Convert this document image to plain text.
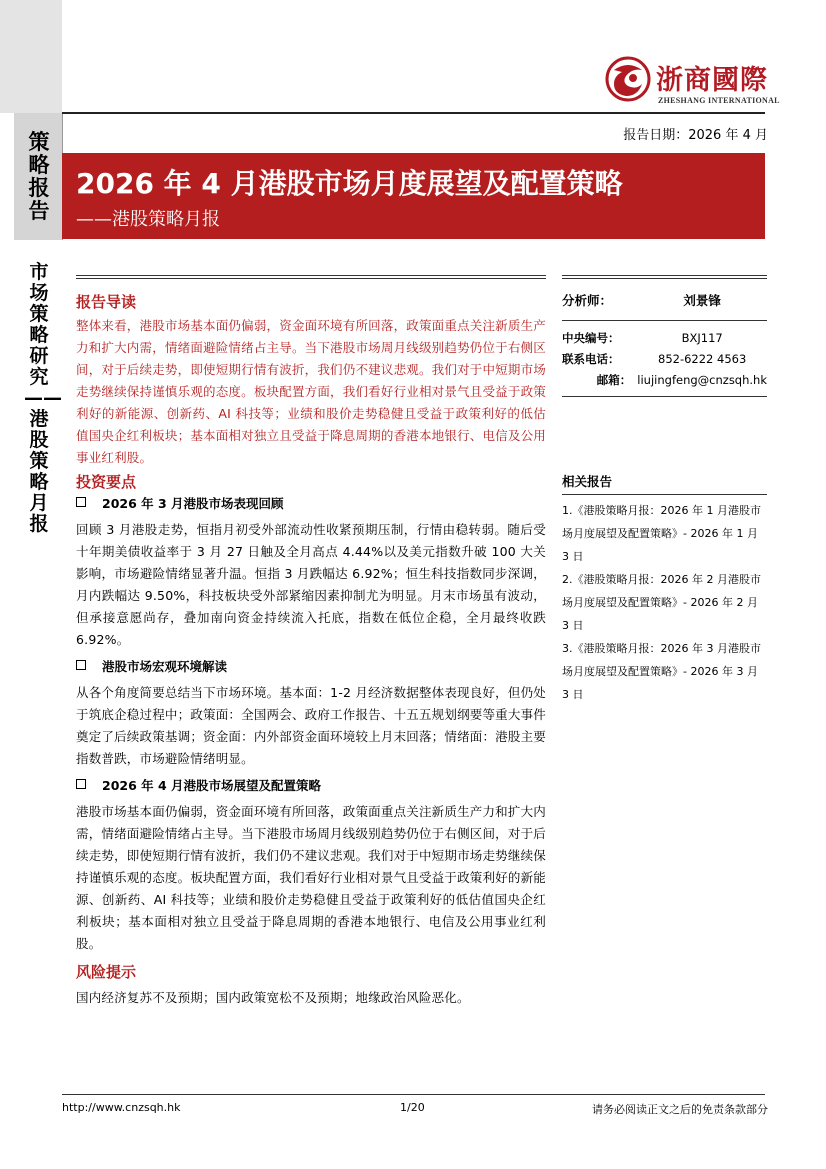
策略报告
市场策略研究——港股策略月报
浙商國際
ZHESHANG INTERNATIONAL
报告日期：2026 年 4 月
2026 年 4 月港股市场月度展望及配置策略
——港股策略月报
报告导读
整体来看，港股市场基本面仍偏弱，资金面环境有所回落，政策面重点关注新质生产力和扩大内需，情绪面避险情绪占主导。当下港股市场周月线级别趋势仍位于右侧区间，对于后续走势，即使短期行情有波折，我们仍不建议悲观。我们对于中短期市场走势继续保持谨慎乐观的态度。板块配置方面，我们看好行业相对景气且受益于政策利好的新能源、创新药、AI 科技等；业绩和股价走势稳健且受益于政策利好的低估值国央企红利板块；基本面相对独立且受益于降息周期的香港本地银行、电信及公用事业红利股。
投资要点
2026 年 3 月港股市场表现回顾
回顾 3 月港股走势，恒指月初受外部流动性收紧预期压制，行情由稳转弱。随后受十年期美债收益率于 3 月 27 日触及全月高点 4.44%以及美元指数升破 100 大关影响，市场避险情绪显著升温。恒指 3 月跌幅达 6.92%；恒生科技指数同步深调，月内跌幅达 9.50%，科技板块受外部紧缩因素抑制尤为明显。月末市场虽有波动，但承接意愿尚存，叠加南向资金持续流入托底，指数在低位企稳，全月最终收跌 6.92%。
港股市场宏观环境解读
从各个角度简要总结当下市场环境。基本面：1-2 月经济数据整体表现良好，但仍处于筑底企稳过程中；政策面：全国两会、政府工作报告、十五五规划纲要等重大事件奠定了后续政策基调；资金面：内外部资金面环境较上月末回落；情绪面：港股主要指数普跌，市场避险情绪明显。
2026 年 4 月港股市场展望及配置策略
港股市场基本面仍偏弱，资金面环境有所回落，政策面重点关注新质生产力和扩大内需，情绪面避险情绪占主导。当下港股市场周月线级别趋势仍位于右侧区间，对于后续走势，即使短期行情有波折，我们仍不建议悲观。我们对于中短期市场走势继续保持谨慎乐观的态度。板块配置方面，我们看好行业相对景气且受益于政策利好的新能源、创新药、AI 科技等；业绩和股价走势稳健且受益于政策利好的低估值国央企红利板块；基本面相对独立且受益于降息周期的香港本地银行、电信及公用事业红利股。
风险提示
国内经济复苏不及预期；国内政策宽松不及预期；地缘政治风险恶化。
分析师：	刘景锋

中央编号：	BXJ117
联系电话：	852-6222 4563
邮箱：	liujingfeng@cnzsqh.hk
相关报告
1.《港股策略月报：2026 年 1 月港股市场月度展望及配置策略》- 2026 年 1 月 3 日
2.《港股策略月报：2026 年 2 月港股市场月度展望及配置策略》- 2026 年 2 月 3 日
3.《港股策略月报：2026 年 3 月港股市场月度展望及配置策略》- 2026 年 3 月 3 日
http://www.cnzsqh.hk	1/20	请务必阅读正文之后的免责条款部分
